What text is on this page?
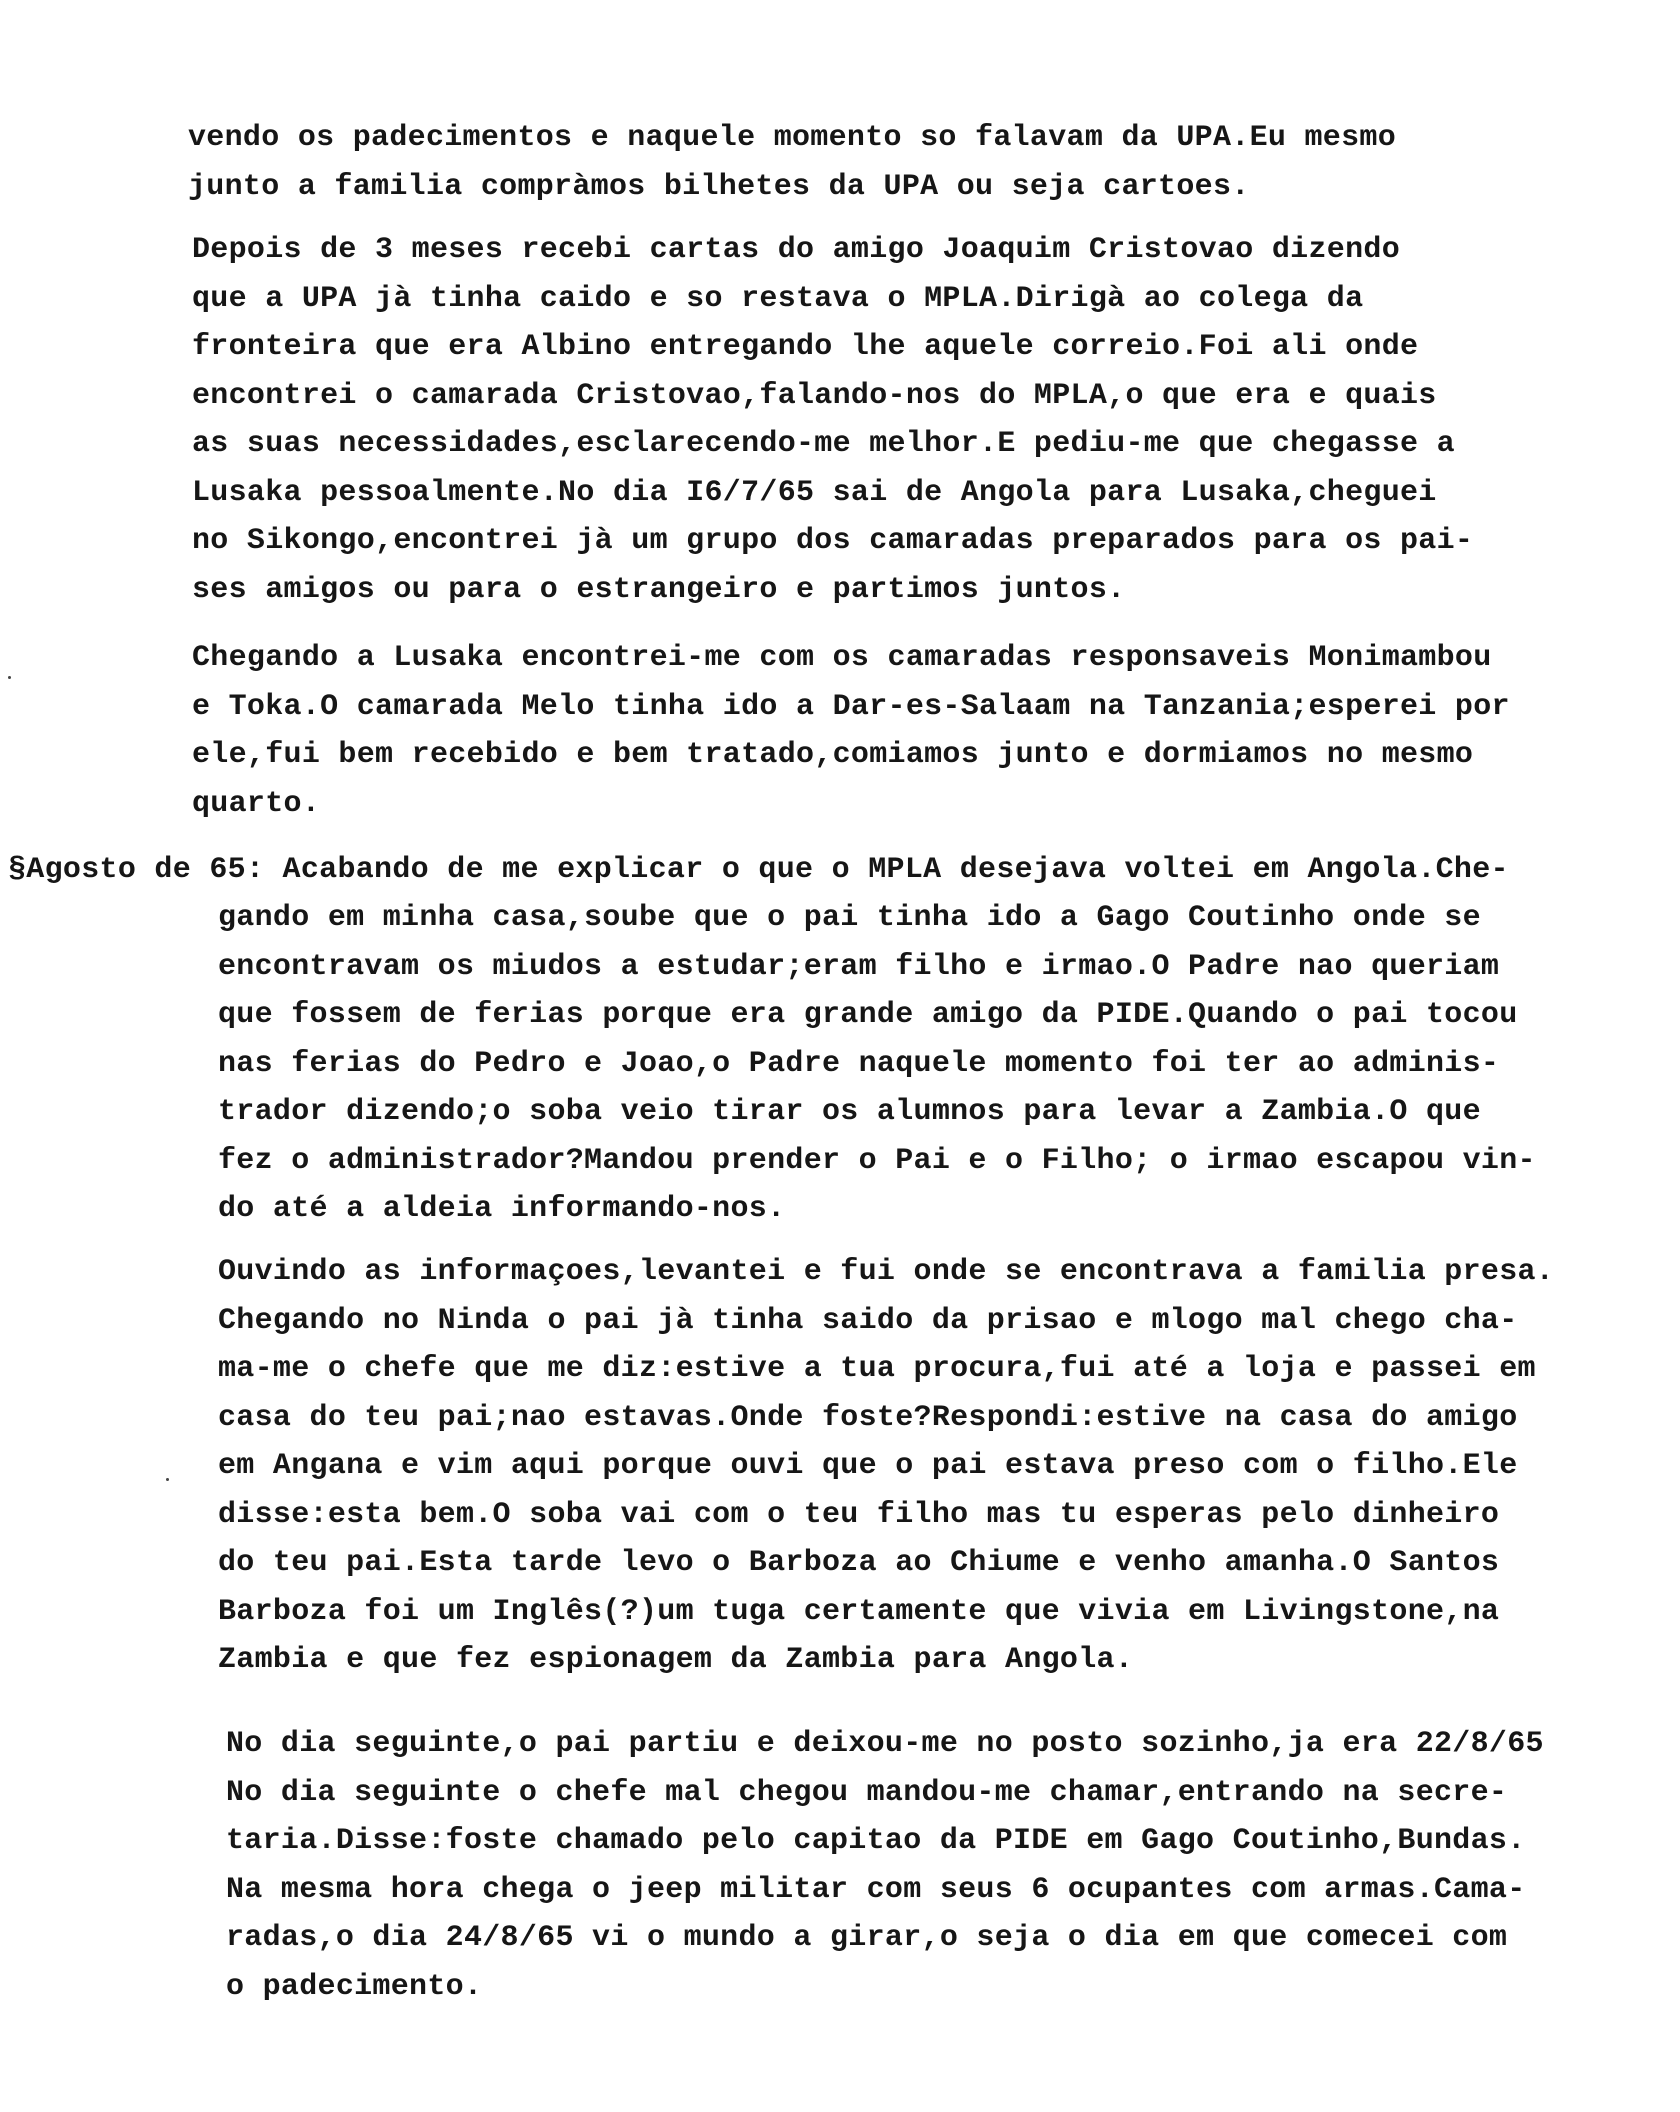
vendo os padecimentos e naquele momento so falavam da UPA.Eu mesmo
junto a familia compràmos bilhetes da UPA ou seja cartoes.
Depois de 3 meses recebi cartas do amigo Joaquim Cristovao dizendo
que a UPA jà tinha caido e so restava o MPLA.Dirigà ao colega da
fronteira que era Albino entregando lhe aquele correio.Foi ali onde
encontrei o camarada Cristovao,falando-nos do MPLA,o que era e quais
as suas necessidades,esclarecendo-me melhor.E pediu-me que chegasse a
Lusaka pessoalmente.No dia I6/7/65 sai de Angola para Lusaka,cheguei
no Sikongo,encontrei jà um grupo dos camaradas preparados para os pai-
ses amigos ou para o estrangeiro e partimos juntos.
Chegando a Lusaka encontrei-me com os camaradas responsaveis Monimambou
e Toka.O camarada Melo tinha ido a Dar-es-Salaam na Tanzania;esperei por
ele,fui bem recebido e bem tratado,comiamos junto e dormiamos no mesmo
quarto.
§Agosto de 65: Acabando de me explicar o que o MPLA desejava voltei em Angola.Che-
gando em minha casa,soube que o pai tinha ido a Gago Coutinho onde se
encontravam os miudos a estudar;eram filho e irmao.O Padre nao queriam
que fossem de ferias porque era grande amigo da PIDE.Quando o pai tocou
nas ferias do Pedro e Joao,o Padre naquele momento foi ter ao adminis-
trador dizendo;o soba veio tirar os alumnos para levar a Zambia.O que
fez o administrador?Mandou prender o Pai e o Filho; o irmao escapou vin-
do até a aldeia informando-nos.
Ouvindo as informaçoes,levantei e fui onde se encontrava a familia presa.
Chegando no Ninda o pai jà tinha saido da prisao e mlogo mal chego cha-
ma-me o chefe que me diz:estive a tua procura,fui até a loja e passei em
casa do teu pai;nao estavas.Onde foste?Respondi:estive na casa do amigo
em Angana e vim aqui porque ouvi que o pai estava preso com o filho.Ele
disse:esta bem.O soba vai com o teu filho mas tu esperas pelo dinheiro
do teu pai.Esta tarde levo o Barboza ao Chiume e venho amanha.O Santos
Barboza foi um Inglês(?)um tuga certamente que vivia em Livingstone,na
Zambia e que fez espionagem da Zambia para Angola.
No dia seguinte,o pai partiu e deixou-me no posto sozinho,ja era 22/8/65
No dia seguinte o chefe mal chegou mandou-me chamar,entrando na secre-
taria.Disse:foste chamado pelo capitao da PIDE em Gago Coutinho,Bundas.
Na mesma hora chega o jeep militar com seus 6 ocupantes com armas.Cama-
radas,o dia 24/8/65 vi o mundo a girar,o seja o dia em que comecei com
o padecimento.
